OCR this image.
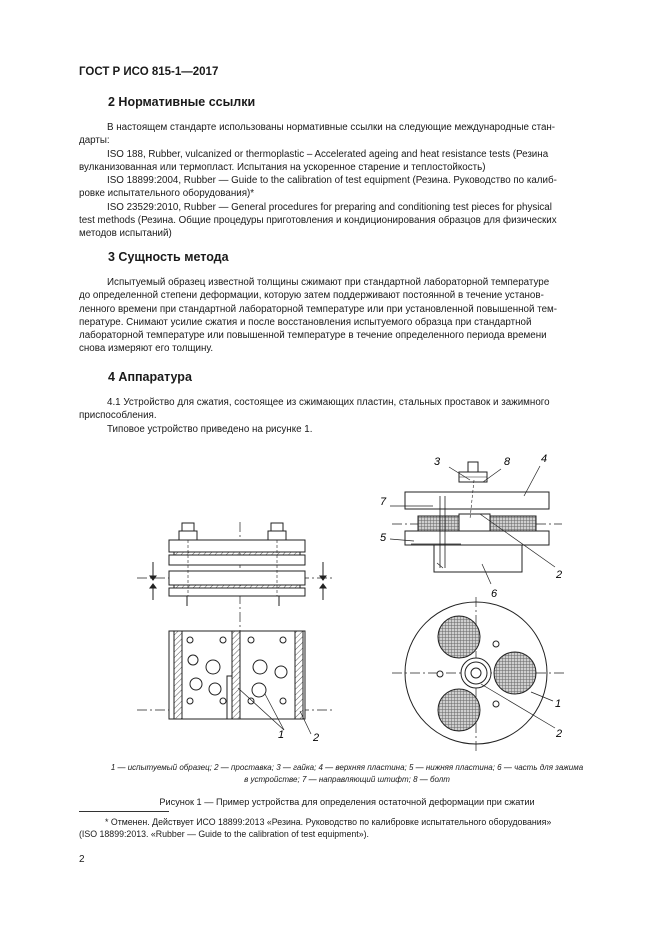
ГОСТ Р ИСО 815-1—2017
2 Нормативные ссылки
В настоящем стандарте использованы нормативные ссылки на следующие международные стан-
дарты:
ISO 188, Rubber, vulcanized or thermoplastic – Accelerated ageing and heat resistance tests (Резина
вулканизованная или термопласт. Испытания на ускоренное старение и теплостойкость)
ISO 18899:2004, Rubber — Guide to the calibration of test equipment (Резина. Руководство по калиб-
ровке испытательного оборудования)*
ISO 23529:2010, Rubber — General procedures for preparing and conditioning test pieces for physical
test methods (Резина. Общие процедуры приготовления и кондиционирования образцов для физических
методов испытаний)
3 Сущность метода
Испытуемый образец известной толщины сжимают при стандартной лабораторной температуре
до определенной степени деформации, которую затем поддерживают постоянной в течение установ-
ленного времени при стандартной лабораторной температуре или при установленной повышенной тем-
пературе. Снимают усилие сжатия и после восстановления испытуемого образца при стандартной
лабораторной температуре или повышенной температуре в течение определенного периода времени
снова измеряют его толщину.
4 Аппаратура
4.1 Устройство для сжатия, состоящее из сжимающих пластин, стальных проставок и зажимного
приспособления.
Типовое устройство приведено на рисунке 1.
1	2
3	4
5
6
7
8
2
1
2
1 — испытуемый образец; 2 — проставка; 3 — гайка; 4 — верхняя пластина; 5 — нижняя пластина; 6 — часть для зажима
в устройстве; 7 — направляющий штифт; 8 — болт
Рисунок 1 — Пример устройства для определения остаточной деформации при сжатии
* Отменен. Действует ИСО 18899:2013 «Резина. Руководство по калибровке испытательного оборудования»
(ISO 18899:2013. «Rubber — Guide to the calibration of test equipment»).
2
